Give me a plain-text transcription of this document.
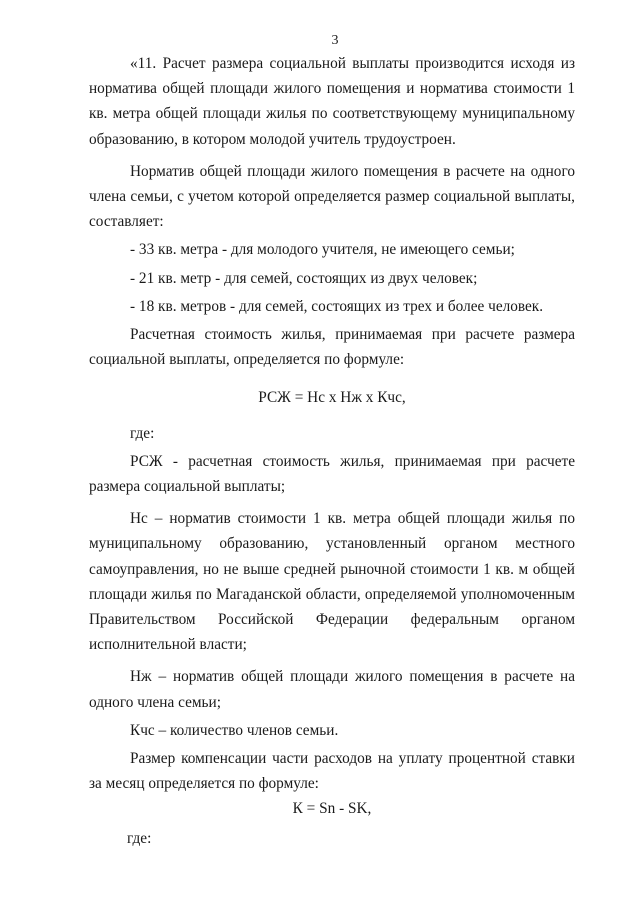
3

«11. Расчет размера социальной выплаты производится исходя из норматива общей площади жилого помещения и норматива стоимости 1 кв. метра общей площади жилья по соответствующему муниципальному образованию, в котором молодой учитель трудоустроен.

Норматив общей площади жилого помещения в расчете на одного члена семьи, с учетом которой определяется размер социальной выплаты, составляет:

- 33 кв. метра - для молодого учителя, не имеющего семьи;

- 21 кв. метр - для семей, состоящих из двух человек;

- 18 кв. метров - для семей, состоящих из трех и более человек.

Расчетная стоимость жилья, принимаемая при расчете размера социальной выплаты, определяется по формуле:

РСЖ = Нс х Нж х Кчс,

где:

РСЖ - расчетная стоимость жилья, принимаемая при расчете размера социальной выплаты;

Нс – норматив стоимости 1 кв. метра общей площади жилья по муниципальному образованию, установленный органом местного самоуправления, но не выше средней рыночной стоимости 1 кв. м общей площади жилья по Магаданской области, определяемой уполномоченным Правительством Российской Федерации федеральным органом исполнительной власти;

Нж – норматив общей площади жилого помещения в расчете на одного члена семьи;

Кчс – количество членов семьи.

Размер компенсации части расходов на уплату процентной ставки за месяц определяется по формуле:

К = Sn - SK,

где:
